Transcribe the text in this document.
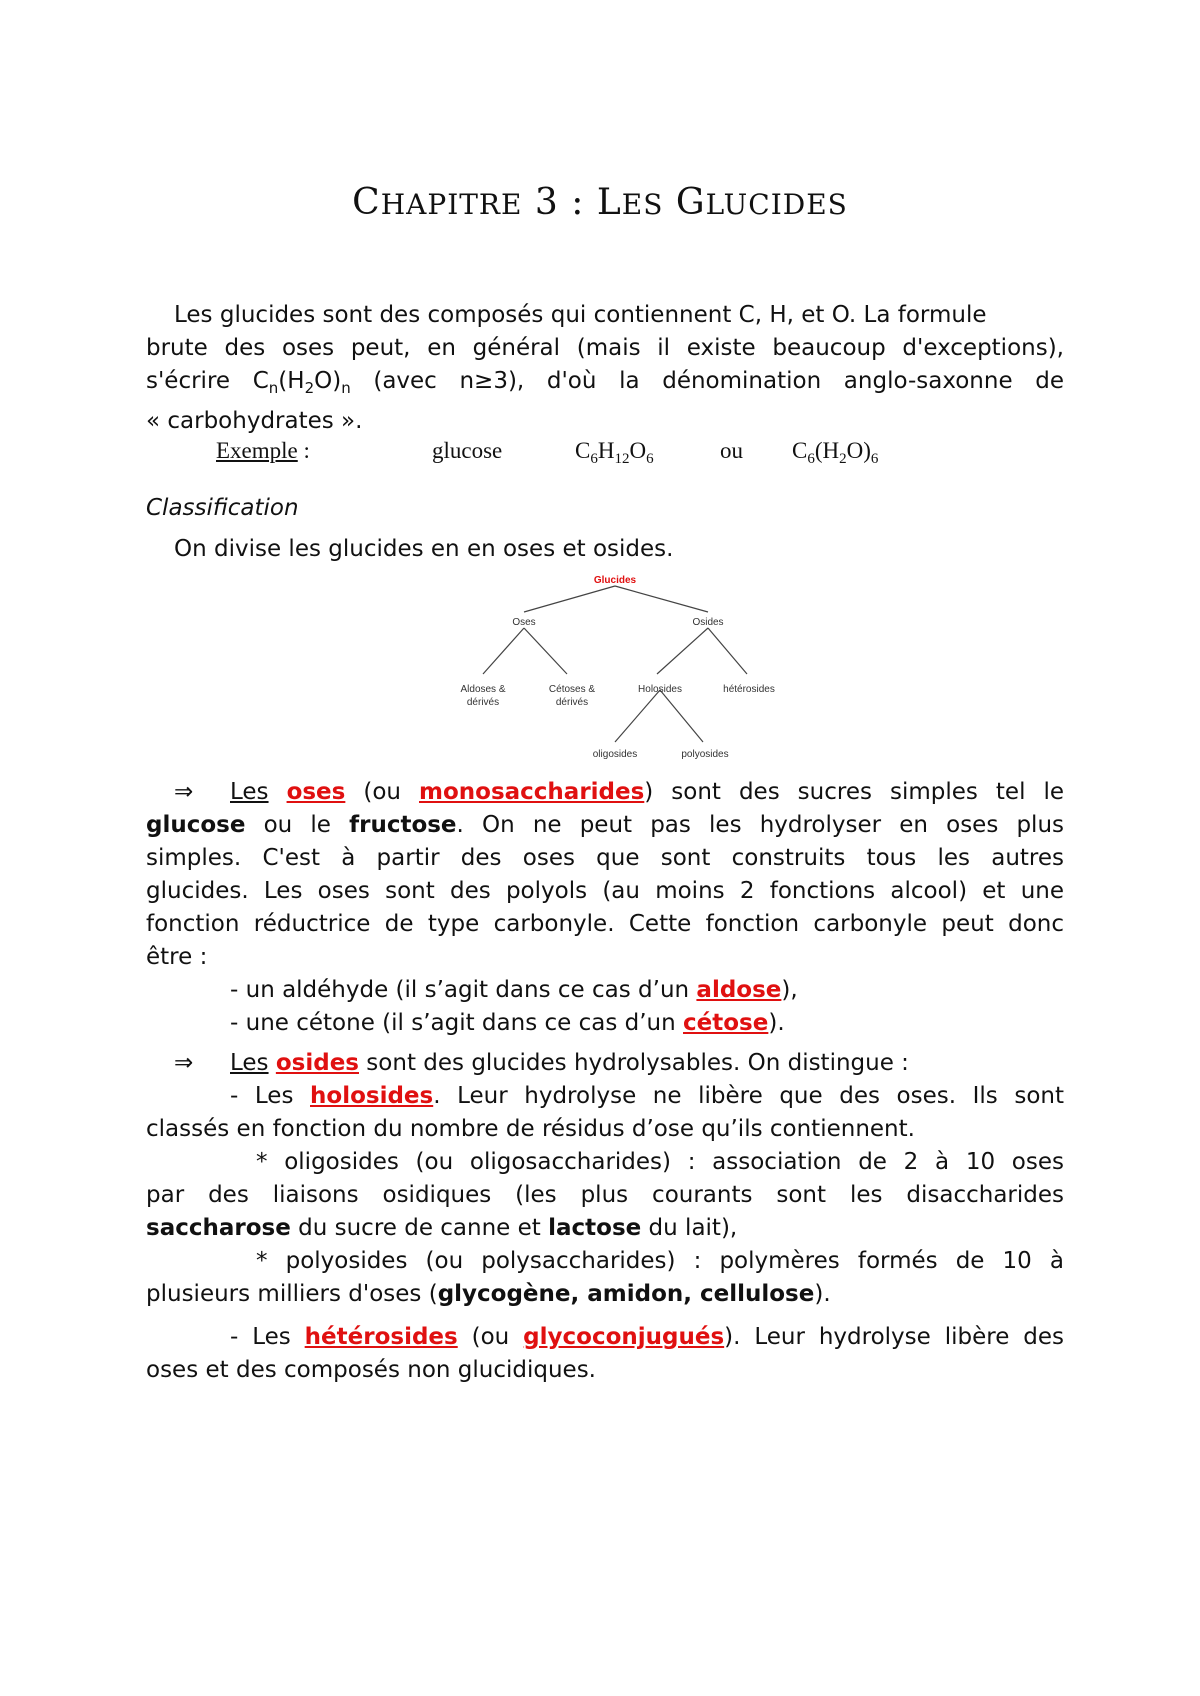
CHAPITRE 3 : LES GLUCIDES
Les glucides sont des composés qui contiennent C, H, et O. La formule
brute des oses peut, en général (mais il existe beaucoup d'exceptions),
s'écrire $C_n(H_2O)_n$ (avec n≥3), d'où la dénomination anglo-saxonne de
« carbohydrates ».
Exemple :	glucose	$C_6H_{12}O_6$	ou $C_6(H_2O)_6$
Classification
On divise les glucides en en oses et osides.
Glucides
Oses	Osides
Aldoses &
dérivés
Cétoses &
dérivés
Holosides	hétérosides
oligosides	polyosides
⇒ Les oses (ou monosaccharides) sont des sucres simples tel le
glucose ou le fructose. On ne peut pas les hydrolyser en oses plus
simples. C'est à partir des oses que sont construits tous les autres
glucides. Les oses sont des polyols (au moins 2 fonctions alcool) et une
fonction réductrice de type carbonyle. Cette fonction carbonyle peut donc
être :
- un aldéhyde (il s’agit dans ce cas d’un aldose),
- une cétone (il s’agit dans ce cas d’un cétose).
⇒ Les osides sont des glucides hydrolysables. On distingue :
- Les holosides. Leur hydrolyse ne libère que des oses. Ils sont
classés en fonction du nombre de résidus d’ose qu’ils contiennent.
* oligosides (ou oligosaccharides) : association de 2 à 10 oses
par des liaisons osidiques (les plus courants sont les disaccharides
saccharose du sucre de canne et lactose du lait),
* polyosides (ou polysaccharides) : polymères formés de 10 à
plusieurs milliers d'oses (glycogène, amidon, cellulose).
- Les hétérosides (ou glycoconjugués). Leur hydrolyse libère des
oses et des composés non glucidiques.
